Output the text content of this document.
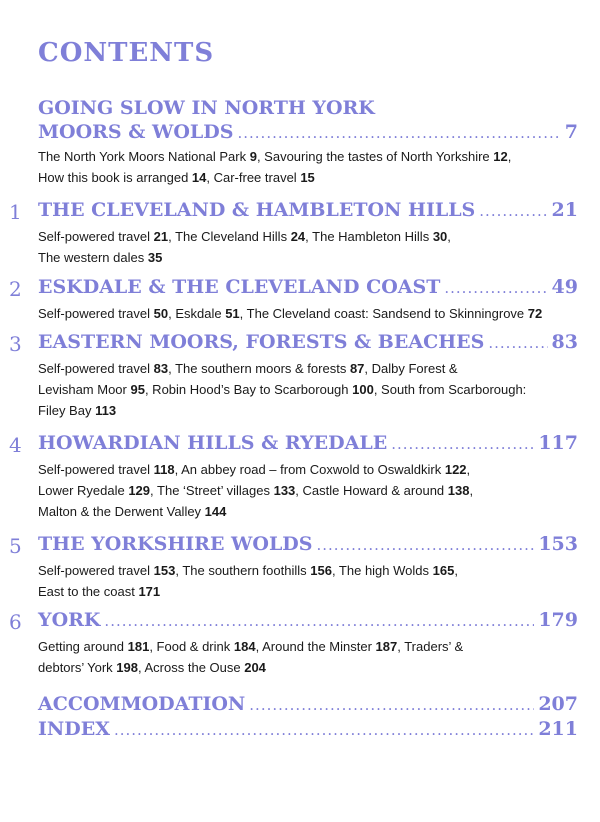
CONTENTS
GOING SLOW IN NORTH YORK
MOORS & WOLDS .....	7
The North York Moors National Park 9, Savouring the tastes of North Yorkshire 12,
How this book is arranged 14, Car-free travel 15
1 THE CLEVELAND & HAMBLETON HILLS .....	21
Self-powered travel 21, The Cleveland Hills 24, The Hambleton Hills 30,
The western dales 35
2 ESKDALE & THE CLEVELAND COAST .....	49
Self-powered travel 50, Eskdale 51, The Cleveland coast: Sandsend to Skinningrove 72
3 EASTERN MOORS, FORESTS & BEACHES .....	83
Self-powered travel 83, The southern moors & forests 87, Dalby Forest &
Levisham Moor 95, Robin Hood’s Bay to Scarborough 100, South from Scarborough:
Filey Bay 113
4 HOWARDIAN HILLS & RYEDALE .....	117
Self-powered travel 118, An abbey road – from Coxwold to Oswaldkirk 122,
Lower Ryedale 129, The ‘Street’ villages 133, Castle Howard & around 138,
Malton & the Derwent Valley 144
5 THE YORKSHIRE WOLDS .....	153
Self-powered travel 153, The southern foothills 156, The high Wolds 165,
East to the coast 171
6 YORK .....	179
Getting around 181, Food & drink 184, Around the Minster 187, Traders’ &
debtors’ York 198, Across the Ouse 204
ACCOMMODATION .....	207
INDEX .....	211
